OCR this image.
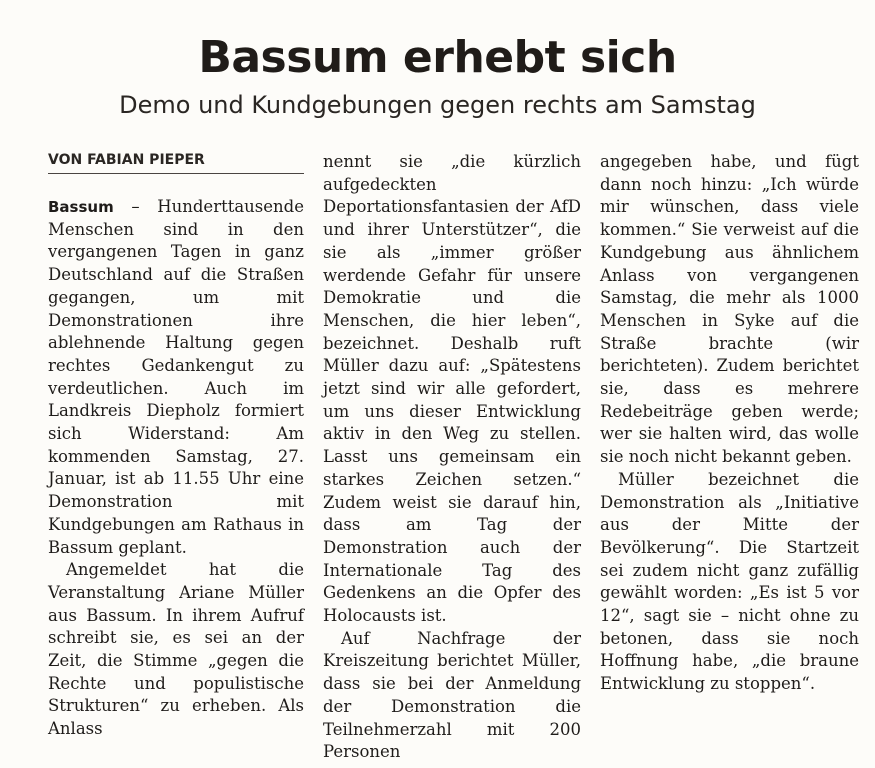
Bassum erhebt sich
Demo und Kundgebungen gegen rechts am Samstag
VON FABIAN PIEPER

Bassum – Hunderttausende Menschen sind in den vergangenen Tagen in ganz Deutschland auf die Straßen gegangen, um mit Demonstrationen ihre ablehnende Haltung gegen rechtes Gedankengut zu verdeutlichen. Auch im Landkreis Diepholz formiert sich Widerstand: Am kommenden Samstag, 27. Januar, ist ab 11.55 Uhr eine Demonstration mit Kundgebungen am Rathaus in Bassum geplant.

Angemeldet hat die Veranstaltung Ariane Müller aus Bassum. In ihrem Aufruf schreibt sie, es sei an der Zeit, die Stimme „gegen die Rechte und populistische Strukturen“ zu erheben. Als Anlass

nennt sie „die kürzlich aufgedeckten Deportationsfantasien der AfD und ihrer Unterstützer“, die sie als „immer größer werdende Gefahr für unsere Demokratie und die Menschen, die hier leben“, bezeichnet. Deshalb ruft Müller dazu auf: „Spätestens jetzt sind wir alle gefordert, um uns dieser Entwicklung aktiv in den Weg zu stellen. Lasst uns gemeinsam ein starkes Zeichen setzen.“ Zudem weist sie darauf hin, dass am Tag der Demonstration auch der Internationale Tag des Gedenkens an die Opfer des Holocausts ist.

Auf Nachfrage der Kreiszeitung berichtet Müller, dass sie bei der Anmeldung der Demonstration die Teilnehmerzahl mit 200 Personen

angegeben habe, und fügt dann noch hinzu: „Ich würde mir wünschen, dass viele kommen.“ Sie verweist auf die Kundgebung aus ähnlichem Anlass von vergangenen Samstag, die mehr als 1000 Menschen in Syke auf die Straße brachte (wir berichteten). Zudem berichtet sie, dass es mehrere Redebeiträge geben werde; wer sie halten wird, das wolle sie noch nicht bekannt geben.

Müller bezeichnet die Demonstration als „Initiative aus der Mitte der Bevölkerung“. Die Startzeit sei zudem nicht ganz zufällig gewählt worden: „Es ist 5 vor 12“, sagt sie – nicht ohne zu betonen, dass sie noch Hoffnung habe, „die braune Entwicklung zu stoppen“.
